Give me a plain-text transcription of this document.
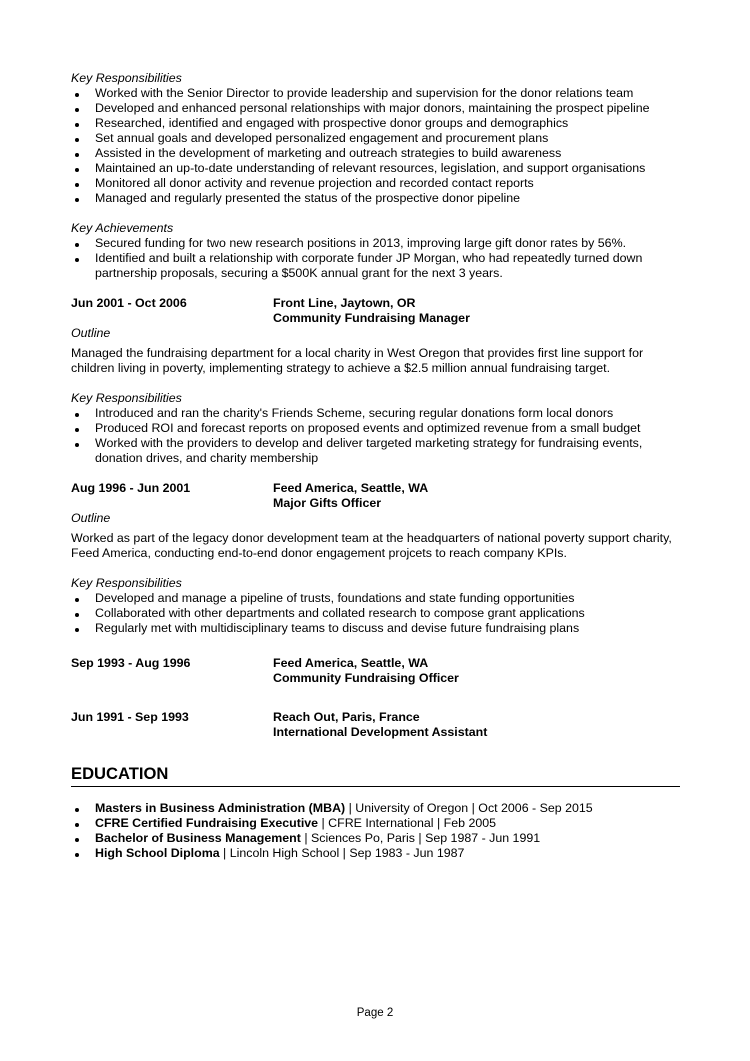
Key Responsibilities

Worked with the Senior Director to provide leadership and supervision for the donor relations team
Developed and enhanced personal relationships with major donors, maintaining the prospect pipeline
Researched, identified and engaged with prospective donor groups and demographics
Set annual goals and developed personalized engagement and procurement plans
Assisted in the development of marketing and outreach strategies to build awareness
Maintained an up-to-date understanding of relevant resources, legislation, and support organisations
Monitored all donor activity and revenue projection and recorded contact reports
Managed and regularly presented the status of the prospective donor pipeline

Key Achievements

Secured funding for two new research positions in 2013, improving large gift donor rates by 56%.
Identified and built a relationship with corporate funder JP Morgan, who had repeatedly turned down partnership proposals, securing a $500K annual grant for the next 3 years.
Jun 2001 - Oct 2006	Front Line, Jaytown, OR
Community Fundraising Manager

Outline

Managed the fundraising department for a local charity in West Oregon that provides first line support for children living in poverty, implementing strategy to achieve a $2.5 million annual fundraising target.

Key Responsibilities

Introduced and ran the charity's Friends Scheme, securing regular donations form local donors
Produced ROI and forecast reports on proposed events and optimized revenue from a small budget
Worked with the providers to develop and deliver targeted marketing strategy for fundraising events, donation drives, and charity membership
Aug 1996 - Jun 2001	Feed America, Seattle, WA
Major Gifts Officer

Outline

Worked as part of the legacy donor development team at the headquarters of national poverty support charity, Feed America, conducting end-to-end donor engagement projcets to reach company KPIs.

Key Responsibilities

Developed and manage a pipeline of trusts, foundations and state funding opportunities
Collaborated with other departments and collated research to compose grant applications
Regularly met with multidisciplinary teams to discuss and devise future fundraising plans
Sep 1993 - Aug 1996	Feed America, Seattle, WA
Community Fundraising Officer
Jun 1991 - Sep 1993	Reach Out, Paris, France
International Development Assistant
EDUCATION
Masters in Business Administration (MBA) | University of Oregon | Oct 2006 - Sep 2015
CFRE Certified Fundraising Executive | CFRE International | Feb 2005
Bachelor of Business Management | Sciences Po, Paris | Sep 1987 - Jun 1991
High School Diploma | Lincoln High School | Sep 1983 - Jun 1987
Page 2
